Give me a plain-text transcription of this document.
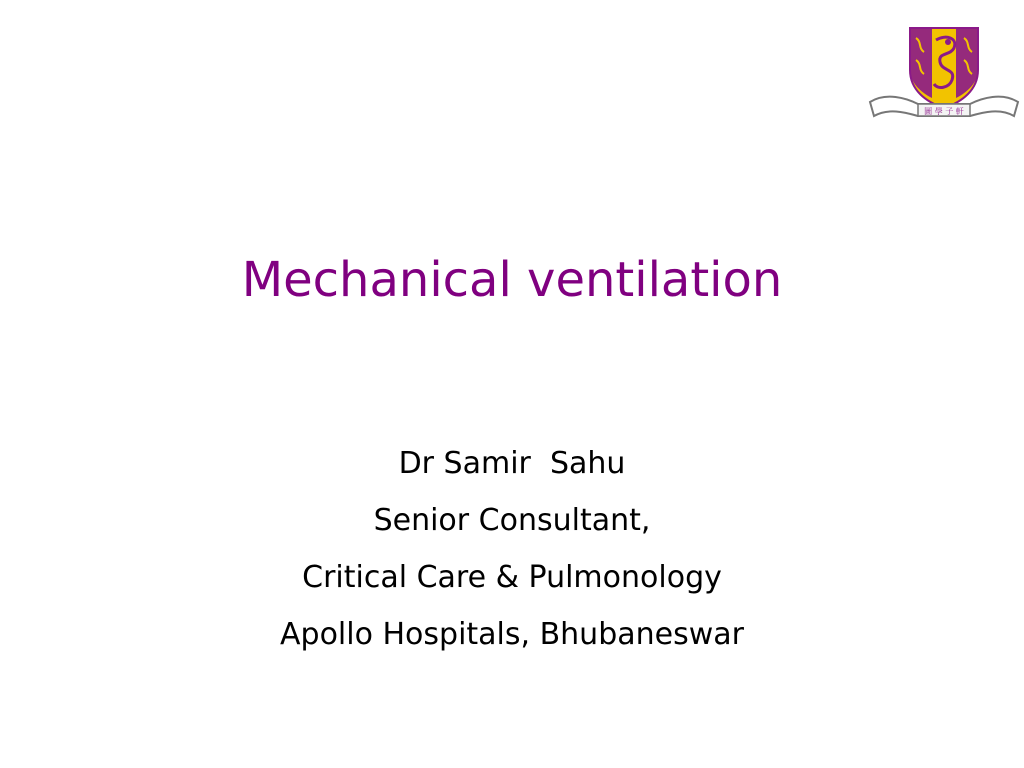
圖 學 子 軒
Mechanical ventilation
Dr Samir  Sahu
Senior Consultant,
Critical Care & Pulmonology
Apollo Hospitals, Bhubaneswar
